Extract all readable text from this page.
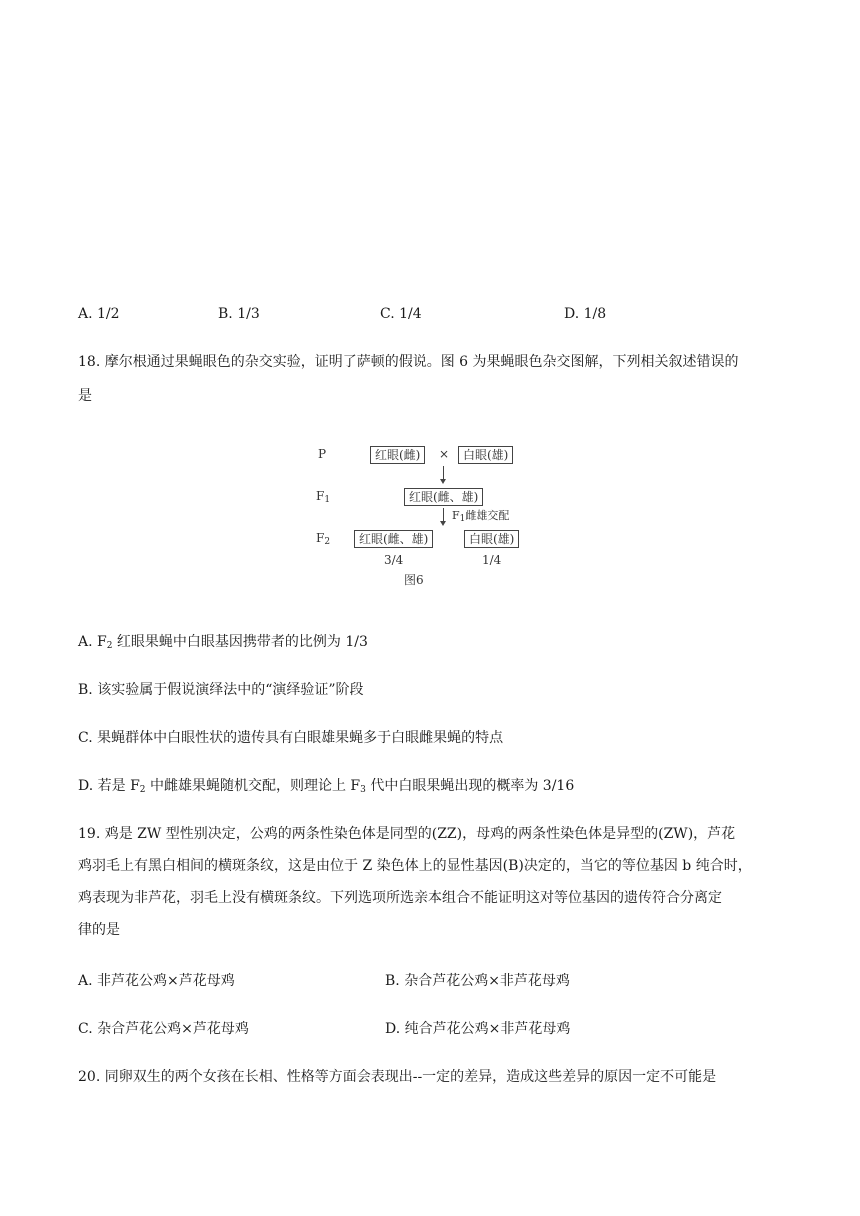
A. 1/2	B. 1/3	C. 1/4	D. 1/8
18. 摩尔根通过果蝇眼色的杂交实验，证明了萨顿的假说。图 6 为果蝇眼色杂交图解，下列相关叙述错误的
是
P	红眼(雌)	×	白眼(雄)
$F_1$	红眼(雌、雄)
$F_1$雌雄交配
$F_2$	红眼(雌、雄)	白眼(雄)
3/4	1/4
图6
A. $F_2$ 红眼果蝇中白眼基因携带者的比例为 1/3
B. 该实验属于假说演绎法中的“演绎验证”阶段
C. 果蝇群体中白眼性状的遗传具有白眼雄果蝇多于白眼雌果蝇的特点
D. 若是 $F_2$ 中雌雄果蝇随机交配，则理论上 $F_3$ 代中白眼果蝇出现的概率为 3/16
19. 鸡是 ZW 型性别决定，公鸡的两条性染色体是同型的(ZZ)，母鸡的两条性染色体是异型的(ZW)，芦花
鸡羽毛上有黑白相间的横斑条纹，这是由位于 Z 染色体上的显性基因(B)决定的，当它的等位基因 b 纯合时，
鸡表现为非芦花，羽毛上没有横斑条纹。下列选项所选亲本组合不能证明这对等位基因的遗传符合分离定
律的是
A. 非芦花公鸡×芦花母鸡	B. 杂合芦花公鸡×非芦花母鸡
C. 杂合芦花公鸡×芦花母鸡	D. 纯合芦花公鸡×非芦花母鸡
20. 同卵双生的两个女孩在长相、性格等方面会表现出--一定的差异，造成这些差异的原因一定不可能是
